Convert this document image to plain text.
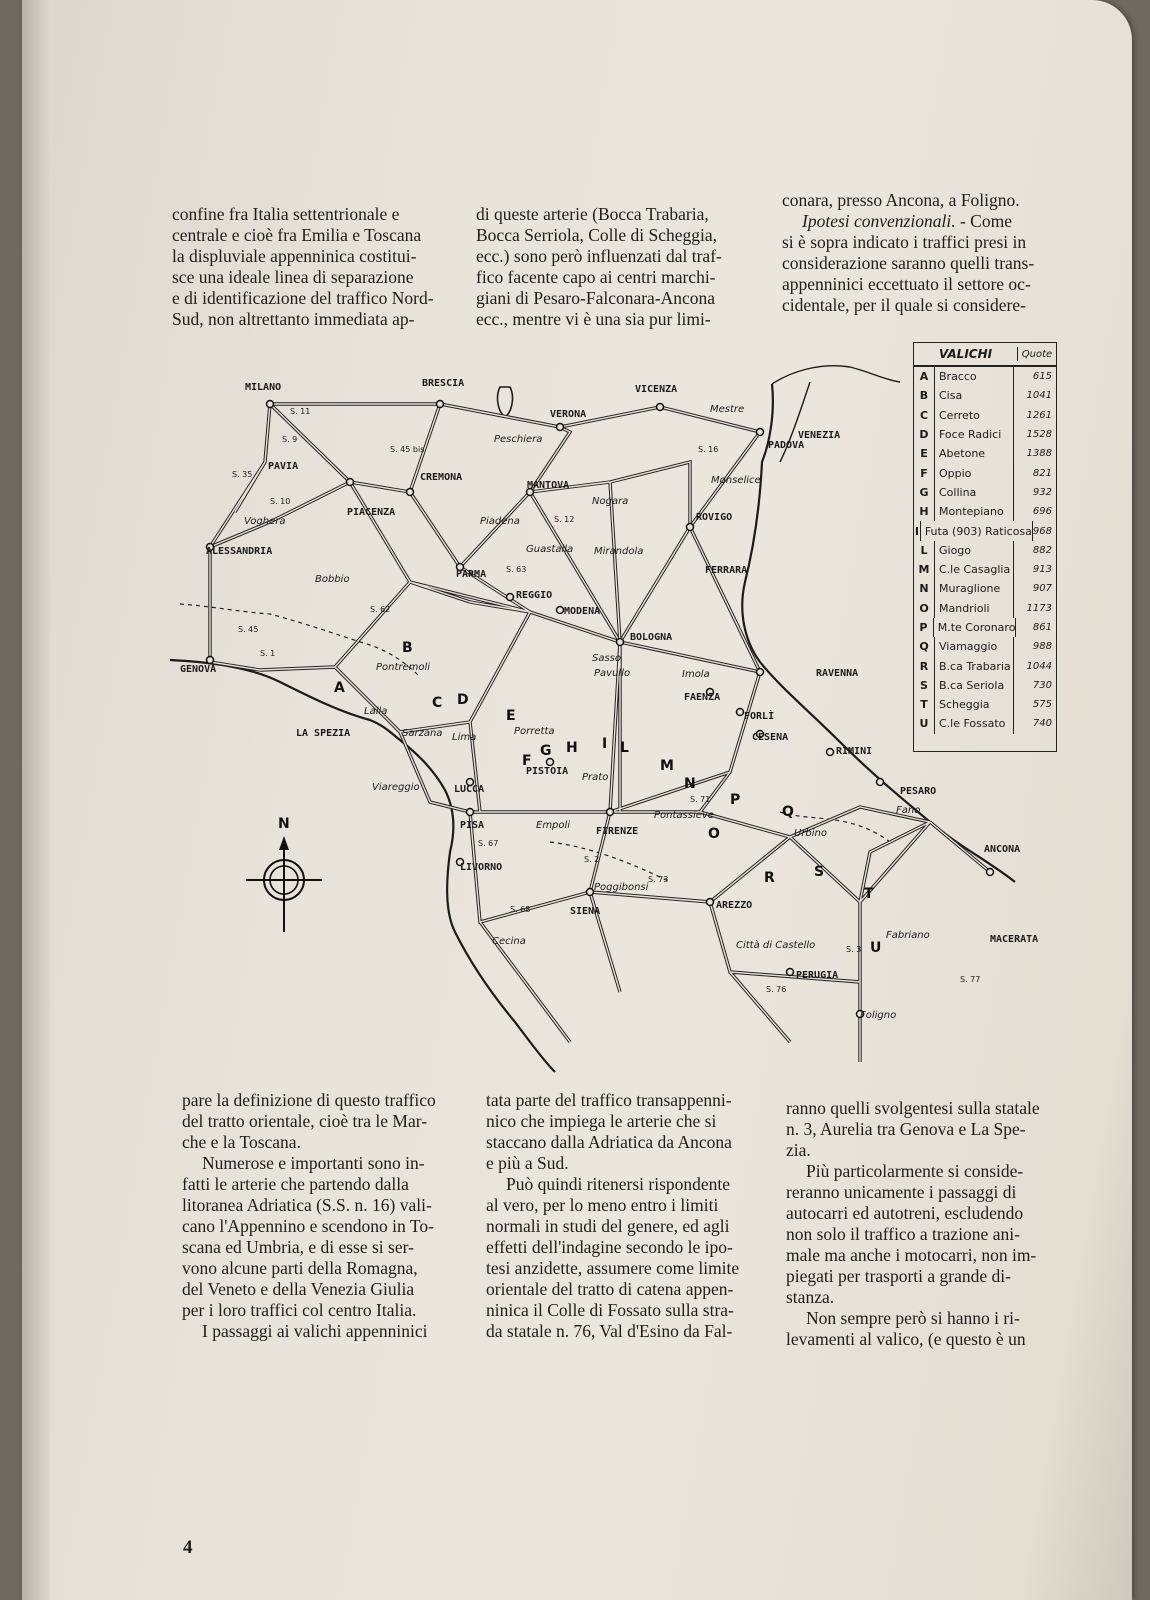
confine fra Italia settentrionale e

centrale e cioè fra Emilia e Toscana

la displuviale appenninica costitui-

sce una ideale linea di separazione

e di identificazione del traffico Nord-

Sud, non altrettanto immediata ap-

di queste arterie (Bocca Trabaria,

Bocca Serriola, Colle di Scheggia,

ecc.) sono però influenzati dal traf-

fico facente capo ai centri marchi-

giani di Pesaro-Falconara-Ancona

ecc., mentre vi è una sia pur limi-

conara, presso Ancona, a Foligno.

Ipotesi convenzionali. - Come

si è sopra indicato i traffici presi in

considerazione saranno quelli trans-

appenninici eccettuato il settore oc-

cidentale, per il quale si considere-

MILANO	BRESCIA
VICENZA
VERONA	Mestre
VENEZIA
Peschiera
PADOVA
PAVIA
CREMONA
MANTOVA	Monselice
Voghera
PIACENZA
Piadena
Nogara
ROVIGO
ALESSANDRIA	Guastalla Mirandola
PARMA
Bobbio
REGGIO
FERRARA
MODENA
BOLOGNA
GENOVA	Pontremoli
Sasso
Pavullo	Imola	RAVENNA
FAENZA
Lalla
Porretta
FORLÌ
LA SPEZIA	Sarzana	CESENA
RIMINI
Lima
PISTOIA
Prato
Viareggio	LUCCA	PESARO
Fano
Pontassieve
PISA	Empoli
FIRENZE	Urbino
ANCONA
LIVORNO
Poggibonsi
AREZZO
Fabriano
SIENA
Cecina	Città di Castello
MACERATA
PERUGIA
Foligno
S. 11
S. 9
S. 45 bis
S. 35
S. 10
S. 16
S. 12
S. 62
S. 45
S. 63
S. 1
S. 67
S. 2
S. 73
S. 68
S. 71
S. 3
S. 76
S. 77
A
B
C D
E
F
G H I L
M
N
O
P
Q
R	S
T
U
N
VALICHI	Quote
A Bracco	615
B Cisa	1041
C Cerreto	1261
D Foce Radici	1528
E	Abetone	1388
F	Oppio	821
G Collina	932
H Montepiano	696
I Futa (903) Raticosa 968
L	Giogo	882
M C.le Casaglia	913
N Muraglione	907
O Mandrioli	1173
P M.te Coronaro	861
Q Viamaggio	988
R B.ca Trabaria	1044
S	B.ca Seriola	730
T	Scheggia	575
U C.le Fossato	740

pare la definizione di questo traffico

del tratto orientale, cioè tra le Mar-

che e la Toscana.

Numerose e importanti sono in-

fatti le arterie che partendo dalla

litoranea Adriatica (S.S. n. 16) vali-

cano l'Appennino e scendono in To-

scana ed Umbria, e di esse si ser-

vono alcune parti della Romagna,

del Veneto e della Venezia Giulia

per i loro traffici col centro Italia.

I passaggi ai valichi appenninici

tata parte del traffico transappenni-

nico che impiega le arterie che si

staccano dalla Adriatica da Ancona

e più a Sud.

Può quindi ritenersi rispondente

al vero, per lo meno entro i limiti

normali in studi del genere, ed agli

effetti dell'indagine secondo le ipo-

tesi anzidette, assumere come limite

orientale del tratto di catena appen-

ninica il Colle di Fossato sulla stra-

da statale n. 76, Val d'Esino da Fal-

ranno quelli svolgentesi sulla statale

n. 3, Aurelia tra Genova e La Spe-

zia.

Più particolarmente si conside-

reranno unicamente i passaggi di

autocarri ed autotreni, escludendo

non solo il traffico a trazione ani-

male ma anche i motocarri, non im-

piegati per trasporti a grande di-

stanza.

Non sempre però si hanno i ri-

levamenti al valico, (e questo è un

4
